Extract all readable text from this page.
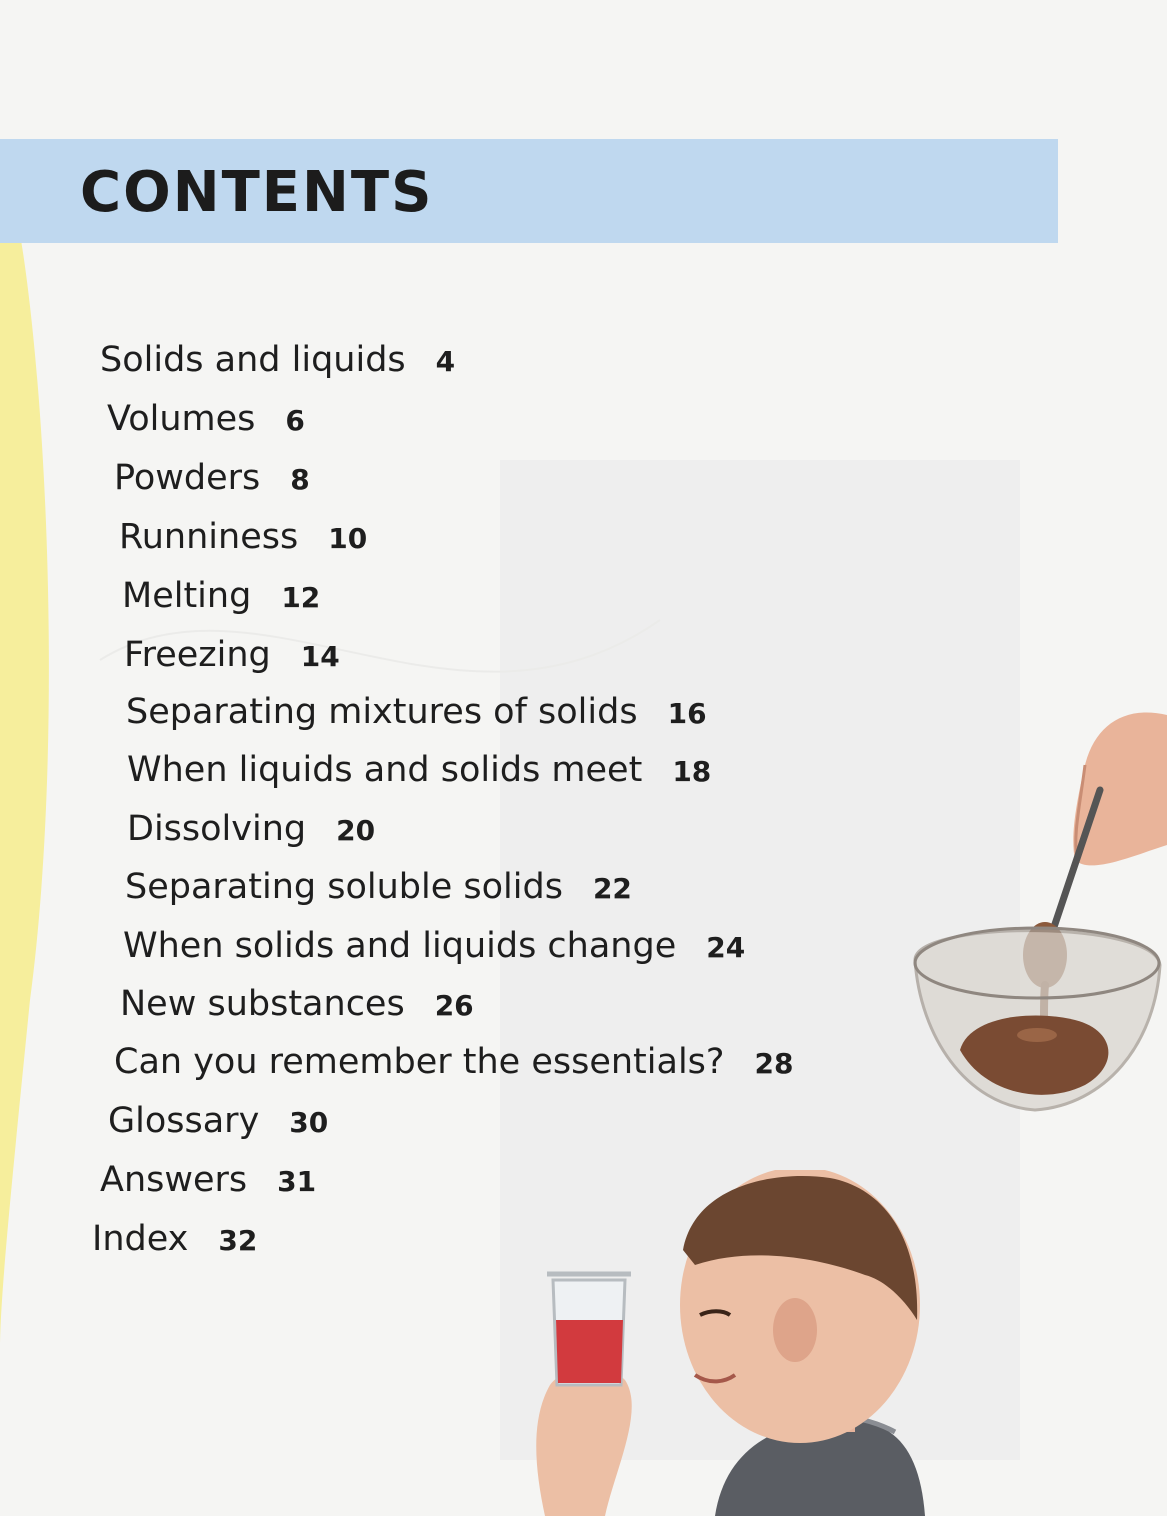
CONTENTS
Solids and liquids 4
Volumes 6
Powders 8
Runniness 10
Melting 12
Freezing 14
Separating mixtures of solids 16
When liquids and solids meet 18
Dissolving 20
Separating soluble solids 22
When solids and liquids change 24
New substances 26
Can you remember the essentials? 28
Glossary 30
Answers 31
Index 32
